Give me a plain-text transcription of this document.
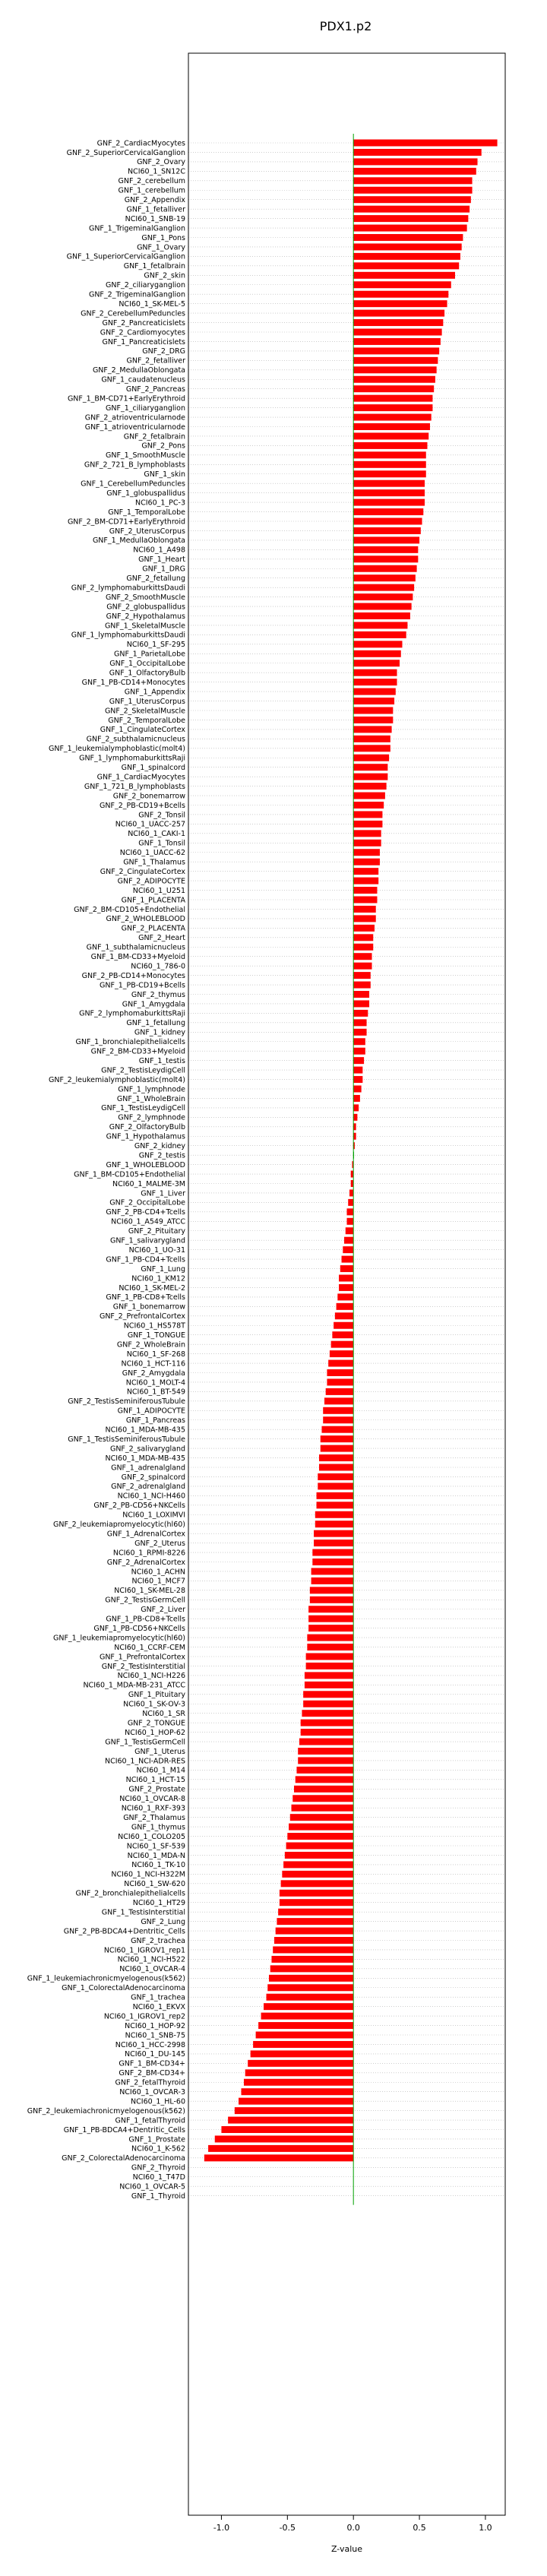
PDX1.p2
GNF_2_CardiacMyocytes
GNF_2_SuperiorCervicalGanglion
GNF_2_Ovary
NCI60_1_SN12C
GNF_2_cerebellum
GNF_1_cerebellum
GNF_2_Appendix
GNF_1_fetalliver
NCI60_1_SNB-19
GNF_1_TrigeminalGanglion
GNF_1_Pons
GNF_1_Ovary
GNF_1_SuperiorCervicalGanglion
GNF_1_fetalbrain
GNF_2_skin
GNF_2_ciliaryganglion
GNF_2_TrigeminalGanglion
NCI60_1_SK-MEL-5
GNF_2_CerebellumPeduncles
GNF_2_Pancreaticislets
GNF_2_Cardiomyocytes
GNF_1_Pancreaticislets
GNF_2_DRG
GNF_2_fetalliver
GNF_2_MedullaOblongata
GNF_1_caudatenucleus
GNF_2_Pancreas
GNF_1_BM-CD71+EarlyErythroid
GNF_1_ciliaryganglion
GNF_2_atrioventricularnode
GNF_1_atrioventricularnode
GNF_2_fetalbrain
GNF_2_Pons
GNF_1_SmoothMuscle
GNF_2_721_B_lymphoblasts
GNF_1_skin
GNF_1_CerebellumPeduncles
GNF_1_globuspallidus
NCI60_1_PC-3
GNF_1_TemporalLobe
GNF_2_BM-CD71+EarlyErythroid
GNF_2_UterusCorpus
GNF_1_MedullaOblongata
NCI60_1_A498
GNF_1_Heart
GNF_1_DRG
GNF_2_fetallung
GNF_2_lymphomaburkittsDaudi
GNF_2_SmoothMuscle
GNF_2_globuspallidus
GNF_2_Hypothalamus
GNF_1_SkeletalMuscle
GNF_1_lymphomaburkittsDaudi
NCI60_1_SF-295
GNF_1_ParietalLobe
GNF_1_OccipitalLobe
GNF_1_OlfactoryBulb
GNF_1_PB-CD14+Monocytes
GNF_1_Appendix
GNF_1_UterusCorpus
GNF_2_SkeletalMuscle
GNF_2_TemporalLobe
GNF_1_CingulateCortex
GNF_2_subthalamicnucleus
GNF_1_leukemialymphoblastic(molt4)
GNF_1_lymphomaburkittsRaji
GNF_1_spinalcord
GNF_1_CardiacMyocytes
GNF_1_721_B_lymphoblasts
GNF_2_bonemarrow
GNF_2_PB-CD19+Bcells
GNF_2_Tonsil
NCI60_1_UACC-257
NCI60_1_CAKI-1
GNF_1_Tonsil
NCI60_1_UACC-62
GNF_1_Thalamus
GNF_2_CingulateCortex
GNF_2_ADIPOCYTE
NCI60_1_U251
GNF_1_PLACENTA
GNF_2_BM-CD105+Endothelial
GNF_2_WHOLEBLOOD
GNF_2_PLACENTA
GNF_2_Heart
GNF_1_subthalamicnucleus
GNF_1_BM-CD33+Myeloid
NCI60_1_786-0
GNF_2_PB-CD14+Monocytes
GNF_1_PB-CD19+Bcells
GNF_2_thymus
GNF_1_Amygdala
GNF_2_lymphomaburkittsRaji
GNF_1_fetallung
GNF_1_kidney
GNF_1_bronchialepithelialcells
GNF_2_BM-CD33+Myeloid
GNF_1_testis
GNF_2_TestisLeydigCell
GNF_2_leukemialymphoblastic(molt4)
GNF_1_lymphnode
GNF_1_WholeBrain
GNF_1_TestisLeydigCell
GNF_2_lymphnode
GNF_2_OlfactoryBulb
GNF_1_Hypothalamus
GNF_2_kidney
GNF_2_testis
GNF_1_WHOLEBLOOD
GNF_1_BM-CD105+Endothelial
NCI60_1_MALME-3M
GNF_1_Liver
GNF_2_OccipitalLobe
GNF_2_PB-CD4+Tcells
NCI60_1_A549_ATCC
GNF_2_Pituitary
GNF_1_salivarygland
NCI60_1_UO-31
GNF_1_PB-CD4+Tcells
GNF_1_Lung
NCI60_1_KM12
NCI60_1_SK-MEL-2
GNF_1_PB-CD8+Tcells
GNF_1_bonemarrow
GNF_2_PrefrontalCortex
NCI60_1_HS578T
GNF_1_TONGUE
GNF_2_WholeBrain
NCI60_1_SF-268
NCI60_1_HCT-116
GNF_2_Amygdala
NCI60_1_MOLT-4
NCI60_1_BT-549
GNF_2_TestisSeminiferousTubule
GNF_1_ADIPOCYTE
GNF_1_Pancreas
NCI60_1_MDA-MB-435
GNF_1_TestisSeminiferousTubule
GNF_2_salivarygland
NCI60_1_MDA-MB-435
GNF_1_adrenalgland
GNF_2_spinalcord
GNF_2_adrenalgland
NCI60_1_NCI-H460
GNF_2_PB-CD56+NKCells
NCI60_1_LOXIMVI
GNF_2_leukemiapromyelocytic(hl60)
GNF_1_AdrenalCortex
GNF_2_Uterus
NCI60_1_RPMI-8226
GNF_2_AdrenalCortex
NCI60_1_ACHN
NCI60_1_MCF7
NCI60_1_SK-MEL-28
GNF_2_TestisGermCell
GNF_2_Liver
GNF_1_PB-CD8+Tcells
GNF_1_PB-CD56+NKCells
GNF_1_leukemiapromyelocytic(hl60)
NCI60_1_CCRF-CEM
GNF_1_PrefrontalCortex
GNF_2_TestisInterstitial
NCI60_1_NCI-H226
NCI60_1_MDA-MB-231_ATCC
GNF_1_Pituitary
NCI60_1_SK-OV-3
NCI60_1_SR
GNF_2_TONGUE
NCI60_1_HOP-62
GNF_1_TestisGermCell
GNF_1_Uterus
NCI60_1_NCI-ADR-RES
NCI60_1_M14
NCI60_1_HCT-15
GNF_2_Prostate
NCI60_1_OVCAR-8
NCI60_1_RXF-393
GNF_2_Thalamus
GNF_1_thymus
NCI60_1_COLO205
NCI60_1_SF-539
NCI60_1_MDA-N
NCI60_1_TK-10
NCI60_1_NCI-H322M
NCI60_1_SW-620
GNF_2_bronchialepithelialcells
NCI60_1_HT29
GNF_1_TestisInterstitial
GNF_2_Lung
GNF_2_PB-BDCA4+Dentritic_Cells
GNF_2_trachea
NCI60_1_IGROV1_rep1
NCI60_1_NCI-H522
NCI60_1_OVCAR-4
GNF_1_leukemiachronicmyelogenous(k562)
GNF_1_ColorectalAdenocarcinoma
GNF_1_trachea
NCI60_1_EKVX
NCI60_1_IGROV1_rep2
NCI60_1_HOP-92
NCI60_1_SNB-75
NCI60_1_HCC-2998
NCI60_1_DU-145
GNF_1_BM-CD34+
GNF_2_BM-CD34+
GNF_2_fetalThyroid
NCI60_1_OVCAR-3
NCI60_1_HL-60
GNF_2_leukemiachronicmyelogenous(k562)
GNF_1_fetalThyroid
GNF_1_PB-BDCA4+Dentritic_Cells
GNF_1_Prostate
NCI60_1_K-562
GNF_2_ColorectalAdenocarcinoma
GNF_2_Thyroid
NCI60_1_T47D
NCI60_1_OVCAR-5
GNF_1_Thyroid
-1.0	-0.5	0.0	0.5	1.0
Z-value
